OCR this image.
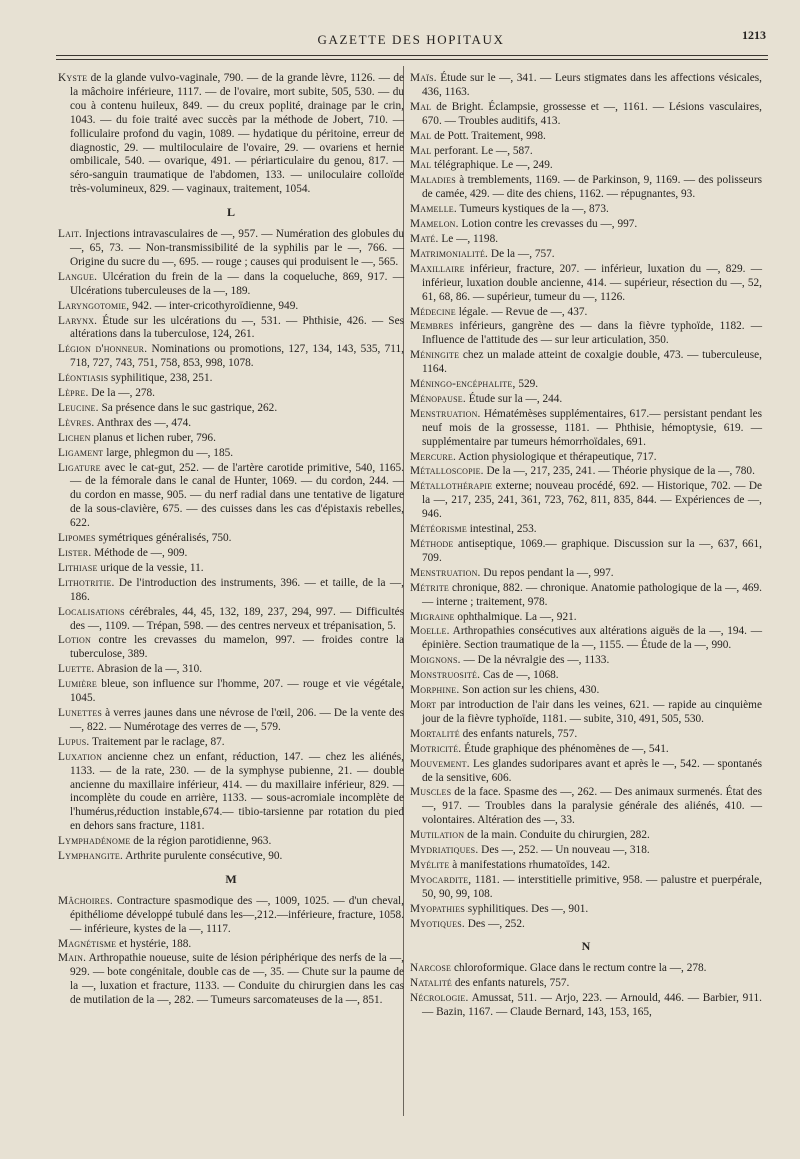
GAZETTE DES HOPITAUX	1213
Kyste de la glande vulvo-vaginale, 790. — de la grande lèvre, 1126. — de la mâchoire inférieure, 1117. — de l'ovaire, mort subite, 505, 530. — du cou à contenu huileux, 849. — du creux poplité, drainage par le crin, 1043. — du foie traité avec succès par la méthode de Jobert, 710. — folliculaire profond du vagin, 1089. — hydatique du péritoine, erreur de diagnostic, 29. — multiloculaire de l'ovaire, 29. — ovariens et hernie ombilicale, 540. — ovarique, 491. — périarticulaire du genou, 817. — séro-sanguin traumatique de l'abdomen, 133. — uniloculaire colloïde très-volumineux, 829. — vaginaux, traitement, 1054.
L
Lait. Injections intravasculaires de —, 957. — Numération des globules du —, 65, 73. — Non-transmissibilité de la syphilis par le —, 766. — Origine du sucre du —, 695. — rouge ; causes qui produisent le —, 565.
Langue. Ulcération du frein de la — dans la coqueluche, 869, 917. — Ulcérations tuberculeuses de la —, 189.
Laryngotomie, 942. — inter-cricothyroïdienne, 949.
Larynx. Étude sur les ulcérations du —, 531. — Phthisie, 426. — Ses altérations dans la tuberculose, 124, 261.
Légion d'honneur. Nominations ou promotions, 127, 134, 143, 535, 711, 718, 727, 743, 751, 758, 853, 998, 1078.
Léontiasis syphilitique, 238, 251.
Lèpre. De la —, 278.
Leucine. Sa présence dans le suc gastrique, 262.
Lèvres. Anthrax des —, 474.
Lichen planus et lichen ruber, 796.
Ligament large, phlegmon du —, 185.
Ligature avec le cat-gut, 252. — de l'artère carotide primitive, 540, 1165. — de la fémorale dans le canal de Hunter, 1069. — du cordon, 244. — du cordon en masse, 905. — du nerf radial dans une tentative de ligature de la sous-clavière, 675. — des cuisses dans les cas d'épistaxis rebelles, 622.
Lipomes symétriques généralisés, 750.
Lister. Méthode de —, 909.
Lithiase urique de la vessie, 11.
Lithotritie. De l'introduction des instruments, 396. — et taille, de la —, 186.
Localisations cérébrales, 44, 45, 132, 189, 237, 294, 997. — Difficultés des —, 1109. — Trépan, 598. — des centres nerveux et trépanisation, 5.
Lotion contre les crevasses du mamelon, 997. — froides contre la tuberculose, 389.
Luette. Abrasion de la —, 310.
Lumière bleue, son influence sur l'homme, 207. — rouge et vie végétale, 1045.
Lunettes à verres jaunes dans une névrose de l'œil, 206. — De la vente des —, 822. — Numérotage des verres de —, 579.
Lupus. Traitement par le raclage, 87.
Luxation ancienne chez un enfant, réduction, 147. — chez les aliénés, 1133. — de la rate, 230. — de la symphyse pubienne, 21. — double ancienne du maxillaire inférieur, 414. — du maxillaire inférieur, 829. — incomplète du coude en arrière, 1133. — sous-acromiale incomplète de l'humérus,réduction instable,674.— tibio-tarsienne par rotation du pied en dehors sans fracture, 1181.
Lymphadénome de la région parotidienne, 963.
Lymphangite. Arthrite purulente consécutive, 90.
M
Mâchoires. Contracture spasmodique des —, 1009, 1025. — d'un cheval, épithéliome développé tubulé dans les—,212.—inférieure, fracture, 1058. — inférieure, kystes de la —, 1117.
Magnétisme et hystérie, 188.
Main. Arthropathie noueuse, suite de lésion périphérique des nerfs de la —, 929. — bote congénitale, double cas de —, 35. — Chute sur la paume de la —, luxation et fracture, 1133. — Conduite du chirurgien dans les cas de mutilation de la —, 282. — Tumeurs sarcomateuses de la —, 851.
Maïs. Étude sur le —, 341. — Leurs stigmates dans les affections vésicales, 436, 1163.
Mal de Bright. Éclampsie, grossesse et —, 1161. — Lésions vasculaires, 670. — Troubles auditifs, 413.
Mal de Pott. Traitement, 998.
Mal perforant. Le —, 587.
Mal télégraphique. Le —, 249.
Maladies à tremblements, 1169. — de Parkinson, 9, 1169. — des polisseurs de camée, 429. — dite des chiens, 1162. — répugnantes, 93.
Mamelle. Tumeurs kystiques de la —, 873.
Mamelon. Lotion contre les crevasses du —, 997.
Maté. Le —, 1198.
Matrimonialité. De la —, 757.
Maxillaire inférieur, fracture, 207. — inférieur, luxation du —, 829. — inférieur, luxation double ancienne, 414. — supérieur, résection du —, 52, 61, 68, 86. — supérieur, tumeur du —, 1126.
Médecine légale. — Revue de —, 437.
Membres inférieurs, gangrène des — dans la fièvre typhoïde, 1182. — Influence de l'attitude des — sur leur articulation, 350.
Méningite chez un malade atteint de coxalgie double, 473. — tuberculeuse, 1164.
Méningo-encéphalite, 529.
Ménopause. Étude sur la —, 244.
Menstruation. Hématémèses supplémentaires, 617.— persistant pendant les neuf mois de la grossesse, 1181. — Phthisie, hémoptysie, 619. — supplémentaire par tumeurs hémorrhoïdales, 691.
Mercure. Action physiologique et thérapeutique, 717.
Métalloscopie. De la —, 217, 235, 241. — Théorie physique de la —, 780.
Métallothérapie externe; nouveau procédé, 692. — Historique, 702. — De la —, 217, 235, 241, 361, 723, 762, 811, 835, 844. — Expériences de —, 946.
Météorisme intestinal, 253.
Méthode antiseptique, 1069.— graphique. Discussion sur la —, 637, 661, 709.
Menstruation. Du repos pendant la —, 997.
Métrite chronique, 882. — chronique. Anatomie pathologique de la —, 469. — interne ; traitement, 978.
Migraine ophthalmique. La —, 921.
Moelle. Arthropathies consécutives aux altérations aiguës de la —, 194. — épinière. Section traumatique de la —, 1155. — Étude de la —, 990.
Moignons. — De la névralgie des —, 1133.
Monstruosité. Cas de —, 1068.
Morphine. Son action sur les chiens, 430.
Mort par introduction de l'air dans les veines, 621. — rapide au cinquième jour de la fièvre typhoïde, 1181. — subite, 310, 491, 505, 530.
Mortalité des enfants naturels, 757.
Motricité. Étude graphique des phénomènes de —, 541.
Mouvement. Les glandes sudoripares avant et après le —, 542. — spontanés de la sensitive, 606.
Muscles de la face. Spasme des —, 262. — Des animaux surmenés. État des —, 917. — Troubles dans la paralysie générale des aliénés, 410. — volontaires. Altération des —, 33.
Mutilation de la main. Conduite du chirurgien, 282.
Mydriatiques. Des —, 252. — Un nouveau —, 318.
Myélite à manifestations rhumatoïdes, 142.
Myocardite, 1181. — interstitielle primitive, 958. — palustre et puerpérale, 50, 90, 99, 108.
Myopathies syphilitiques. Des —, 901.
Myotiques. Des —, 252.
N
Narcose chloroformique. Glace dans le rectum contre la —, 278.
Natalité des enfants naturels, 757.
Nécrologie. Amussat, 511. — Arjo, 223. — Arnould, 446. — Barbier, 911. — Bazin, 1167. — Claude Bernard, 143, 153, 165,
